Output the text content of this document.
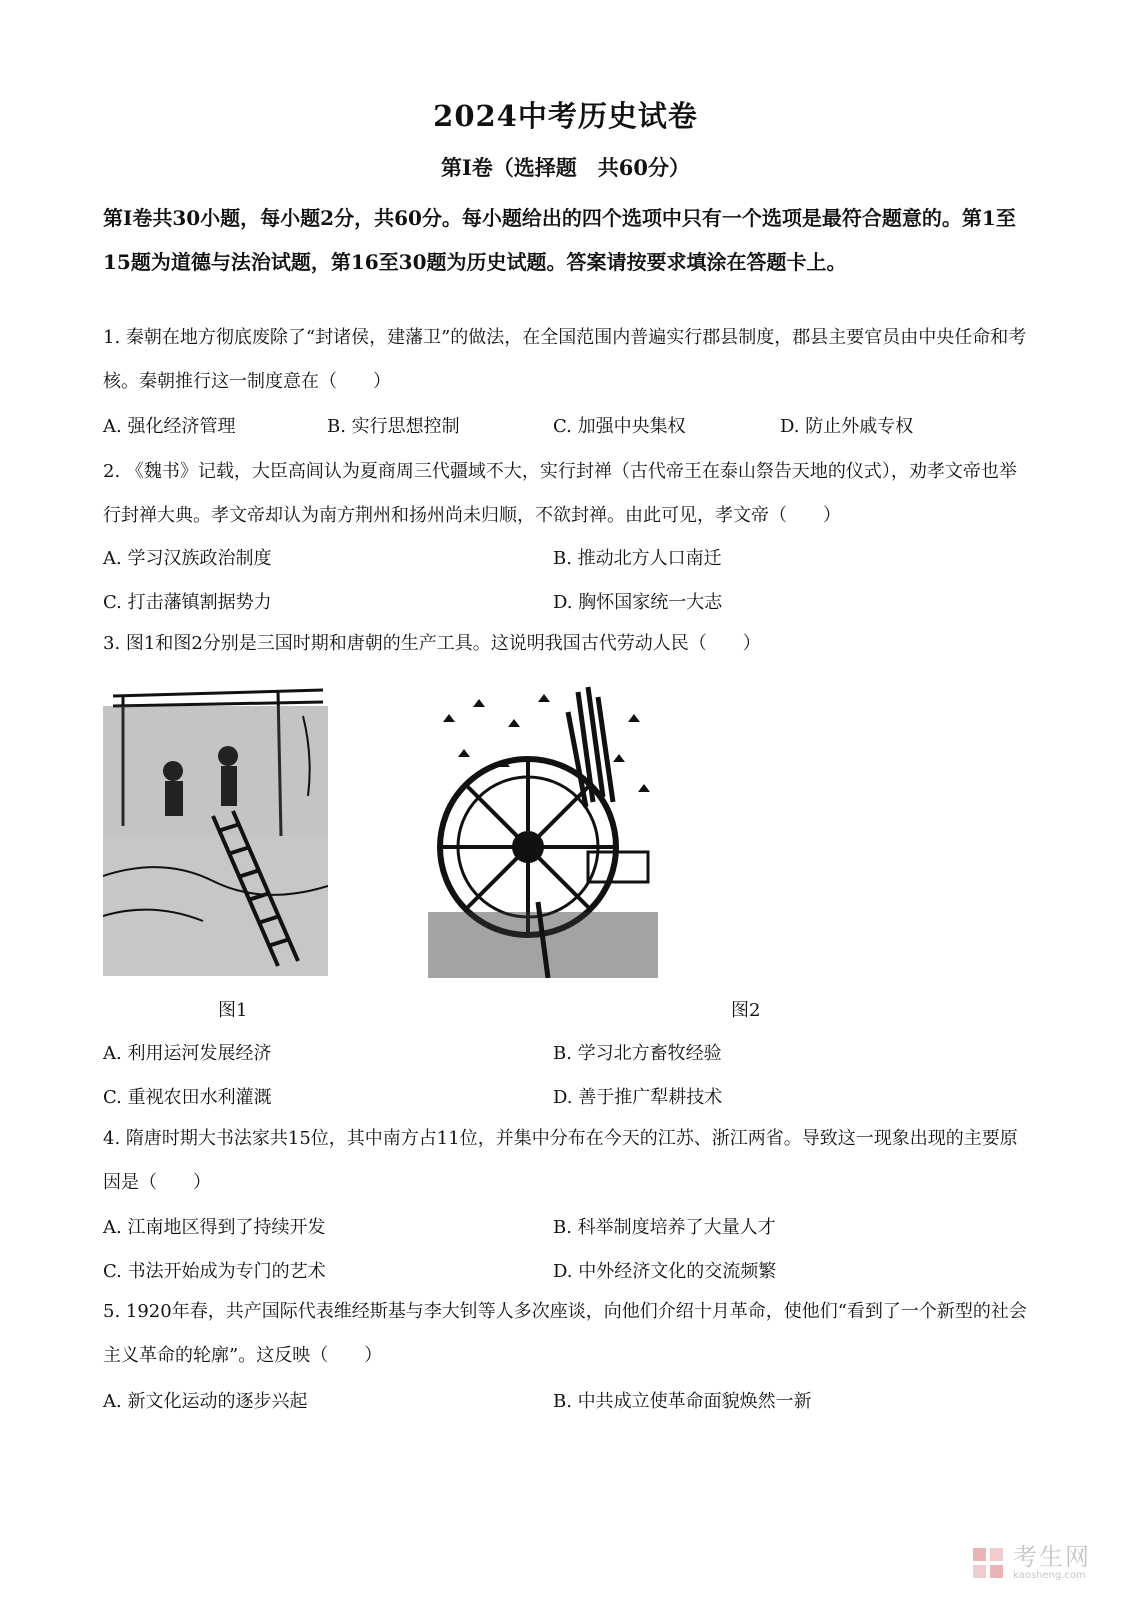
2024中考历史试卷
第Ⅰ卷（选择题　共60分）
第Ⅰ卷共30小题，每小题2分，共60分。每小题给出的四个选项中只有一个选项是最符合题意的。第1至15题为道德与法治试题，第16至30题为历史试题。答案请按要求填涂在答题卡上。
1. 秦朝在地方彻底废除了“封诸侯，建藩卫”的做法，在全国范围内普遍实行郡县制度，郡县主要官员由中央任命和考核。秦朝推行这一制度意在（　　）
A. 强化经济管理	B. 实行思想控制	C. 加强中央集权	D. 防止外戚专权
2. 《魏书》记载，大臣高闾认为夏商周三代疆域不大，实行封禅（古代帝王在泰山祭告天地的仪式），劝孝文帝也举行封禅大典。孝文帝却认为南方荆州和扬州尚未归顺，不欲封禅。由此可见，孝文帝（　　）
A. 学习汉族政治制度	B. 推动北方人口南迁
C. 打击藩镇割据势力	D. 胸怀国家统一大志
3. 图1和图2分别是三国时期和唐朝的生产工具。这说明我国古代劳动人民（　　）
图1	图2
A. 利用运河发展经济	B. 学习北方畜牧经验
C. 重视农田水利灌溉	D. 善于推广犁耕技术
4. 隋唐时期大书法家共15位，其中南方占11位，并集中分布在今天的江苏、浙江两省。导致这一现象出现的主要原因是（　　）
A. 江南地区得到了持续开发	B. 科举制度培养了大量人才
C. 书法开始成为专门的艺术	D. 中外经济文化的交流频繁
5. 1920年春，共产国际代表维经斯基与李大钊等人多次座谈，向他们介绍十月革命，使他们“看到了一个新型的社会主义革命的轮廓”。这反映（　　）
A. 新文化运动的逐步兴起	B. 中共成立使革命面貌焕然一新
考生网
kaosheng.com
